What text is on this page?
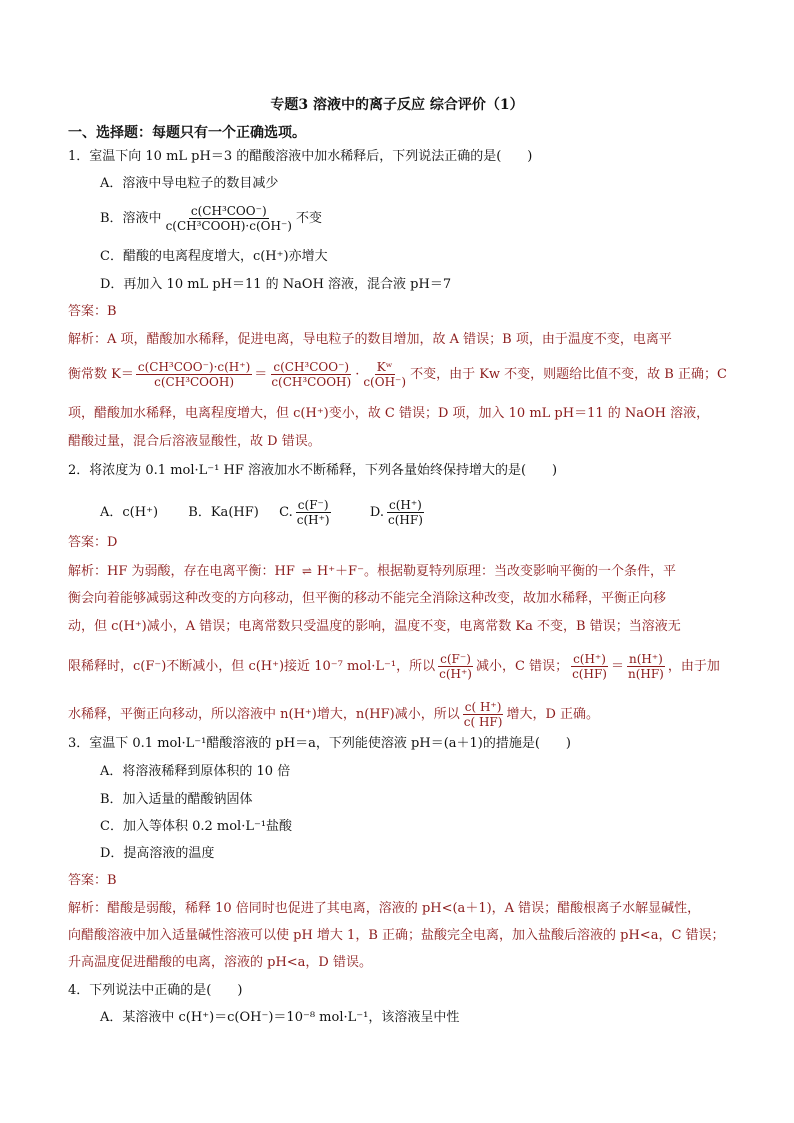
专题3 溶液中的离子反应 综合评价（1）
一、选择题：每题只有一个正确选项。
1．室温下向 10 mL pH＝3 的醋酸溶液中加水稀释后，下列说法正确的是(　　)
A．溶液中导电粒子的数目减少
B．溶液中 $\frac{\text{c(CH³COO⁻)}}{\text{c(CH³COOH)·c(OH⁻)}}$ 不变
C．醋酸的电离程度增大，c(H⁺)亦增大
D．再加入 10 mL pH＝11 的 NaOH 溶液，混合液 pH＝7
答案：B
解析：A 项，醋酸加水稀释，促进电离，导电粒子的数目增加，故 A 错误；B 项，由于温度不变，电离平
衡常数 $K= \frac{\text{c(CH³COO⁻)·c(H⁺)}}{\text{c(CH³COOH)}} = \frac{\text{c(CH³COO⁻)}}{\text{c(CH³COOH)}} \cdot \frac{\text{Kʷ}}{c(OH^-)}$ 不变，由于 Kw 不变，则题给比值不变，故 B 正确；C
项，醋酸加水稀释，电离程度增大，但 c(H⁺)变小，故 C 错误；D 项，加入 10 mL pH＝11 的 NaOH 溶液，
醋酸过量，混合后溶液显酸性，故 D 错误。
2．将浓度为 0.1 mol·L⁻¹ HF 溶液加水不断稀释，下列各量始终保持增大的是(　　)
A．c(H⁺) B．Ka(HF) C. $\frac{c(F^-)}{c(H^+)}$	D. $\frac{c(H^+)}{c(HF)}$
答案：D
解析：HF 为弱酸，存在电离平衡：HF ⇌ H⁺＋F⁻。根据勒夏特列原理：当改变影响平衡的一个条件，平
衡会向着能够减弱这种改变的方向移动，但平衡的移动不能完全消除这种改变，故加水稀释，平衡正向移
动，但 c(H⁺)减小，A 错误；电离常数只受温度的影响，温度不变，电离常数 Ka 不变，B 错误；当溶液无
限稀释时，c(F⁻)不断减小，但 c(H⁺)接近 10⁻⁷ mol·L⁻¹，所以 $\frac{c(F^-)}{c(H^+)}$ 减小，C 错误； $\frac{c(H^+)}{c(HF)} = \frac{n(H^+)}{n(HF)}$ ，由于加
水稀释，平衡正向移动，所以溶液中 n(H⁺)增大，n(HF)减小，所以 $\frac{c( H^+)}{c( HF)}$ 增大，D 正确。
3．室温下 0.1 mol·L⁻¹醋酸溶液的 pH＝a，下列能使溶液 pH＝(a＋1)的措施是(　　)
A．将溶液稀释到原体积的 10 倍
B．加入适量的醋酸钠固体
C．加入等体积 0.2 mol·L⁻¹盐酸
D．提高溶液的温度
答案：B
解析：醋酸是弱酸，稀释 10 倍同时也促进了其电离，溶液的 pH<(a＋1)，A 错误；醋酸根离子水解显碱性，
向醋酸溶液中加入适量碱性溶液可以使 pH 增大 1，B 正确；盐酸完全电离，加入盐酸后溶液的 pH<a，C 错误；
升高温度促进醋酸的电离，溶液的 pH<a，D 错误。
4．下列说法中正确的是(　　)
A．某溶液中 c(H⁺)＝c(OH⁻)＝10⁻⁸ mol·L⁻¹，该溶液呈中性
